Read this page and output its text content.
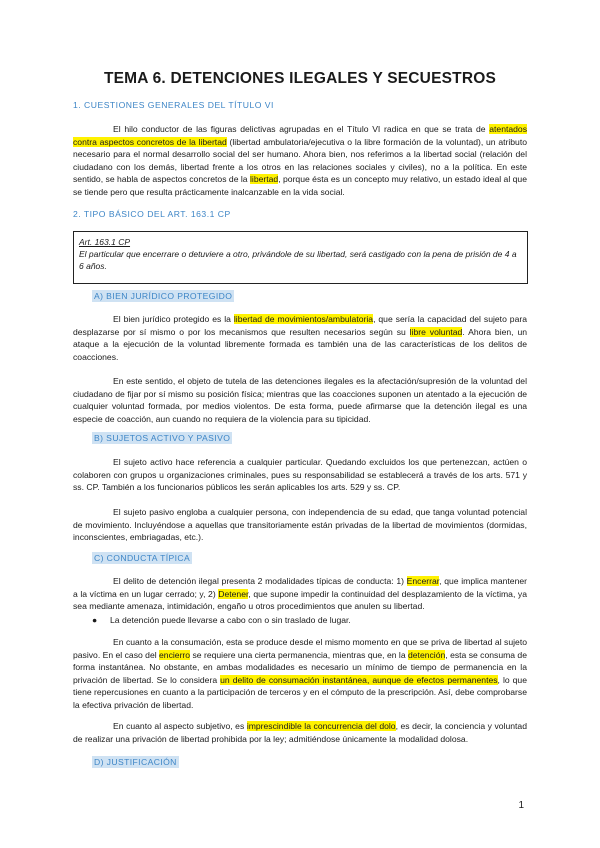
TEMA 6. DETENCIONES ILEGALES Y SECUESTROS

1. CUESTIONES GENERALES DEL TÍTULO VI

El hilo conductor de las figuras delictivas agrupadas en el Título VI radica en que se trata de atentados contra aspectos concretos de la libertad (libertad ambulatoria/ejecutiva o la libre formación de la voluntad), un atributo necesario para el normal desarrollo social del ser humano. Ahora bien, nos referimos a la libertad social (relación del ciudadano con los demás, libertad frente a los otros en las relaciones sociales y civiles), no a la política. En este sentido, se habla de aspectos concretos de la libertad, porque ésta es un concepto muy relativo, un estado ideal al que se tiende pero que resulta prácticamente inalcanzable en la vida social.

2. TIPO BÁSICO DEL ART. 163.1 CP

Art. 163.1 CP
El particular que encerrare o detuviere a otro, privándole de su libertad, será castigado con la pena de prisión de 4 a 6 años.

A) BIEN JURÍDICO PROTEGIDO

El bien jurídico protegido es la libertad de movimientos/ambulatoria, que sería la capacidad del sujeto para desplazarse por sí mismo o por los mecanismos que resulten necesarios según su libre voluntad. Ahora bien, un ataque a la ejecución de la voluntad libremente formada es también una de las características de los delitos de coacciones.

En este sentido, el objeto de tutela de las detenciones ilegales es la afectación/supresión de la voluntad del ciudadano de fijar por sí mismo su posición física; mientras que las coacciones suponen un atentado a la ejecución de cualquier voluntad formada, por medios violentos. De esta forma, puede afirmarse que la detención ilegal es una especie de coacción, aun cuando no requiera de la violencia para su tipicidad.

B) SUJETOS ACTIVO Y PASIVO

El sujeto activo hace referencia a cualquier particular. Quedando excluidos los que pertenezcan, actúen o colaboren con grupos u organizaciones criminales, pues su responsabilidad se establecerá a través de los arts. 571 y ss. CP. También a los funcionarios públicos les serán aplicables los arts. 529 y ss. CP.

El sujeto pasivo engloba a cualquier persona, con independencia de su edad, que tanga voluntad potencial de movimiento. Incluyéndose a aquellas que transitoriamente están privadas de la libertad de movimientos (dormidas, inconscientes, embriagadas, etc.).

C) CONDUCTA TÍPICA

El delito de detención ilegal presenta 2 modalidades típicas de conducta: 1) Encerrar, que implica mantener a la víctima en un lugar cerrado; y, 2) Detener, que supone impedir la continuidad del desplazamiento de la víctima, ya sea mediante amenaza, intimidación, engaño u otros procedimientos que anulen su libertad.

● La detención puede llevarse a cabo con o sin traslado de lugar.

En cuanto a la consumación, esta se produce desde el mismo momento en que se priva de libertad al sujeto pasivo. En el caso del encierro se requiere una cierta permanencia, mientras que, en la detención, esta se consuma de forma instantánea. No obstante, en ambas modalidades es necesario un mínimo de tiempo de permanencia en la privación de libertad. Se lo considera un delito de consumación instantánea, aunque de efectos permanentes, lo que tiene repercusiones en cuanto a la participación de terceros y en el cómputo de la prescripción. Así, debe comprobarse la efectiva privación de libertad.

En cuanto al aspecto subjetivo, es imprescindible la concurrencia del dolo, es decir, la conciencia y voluntad de realizar una privación de libertad prohibida por la ley; admitiéndose únicamente la modalidad dolosa.

D) JUSTIFICACIÓN

1
